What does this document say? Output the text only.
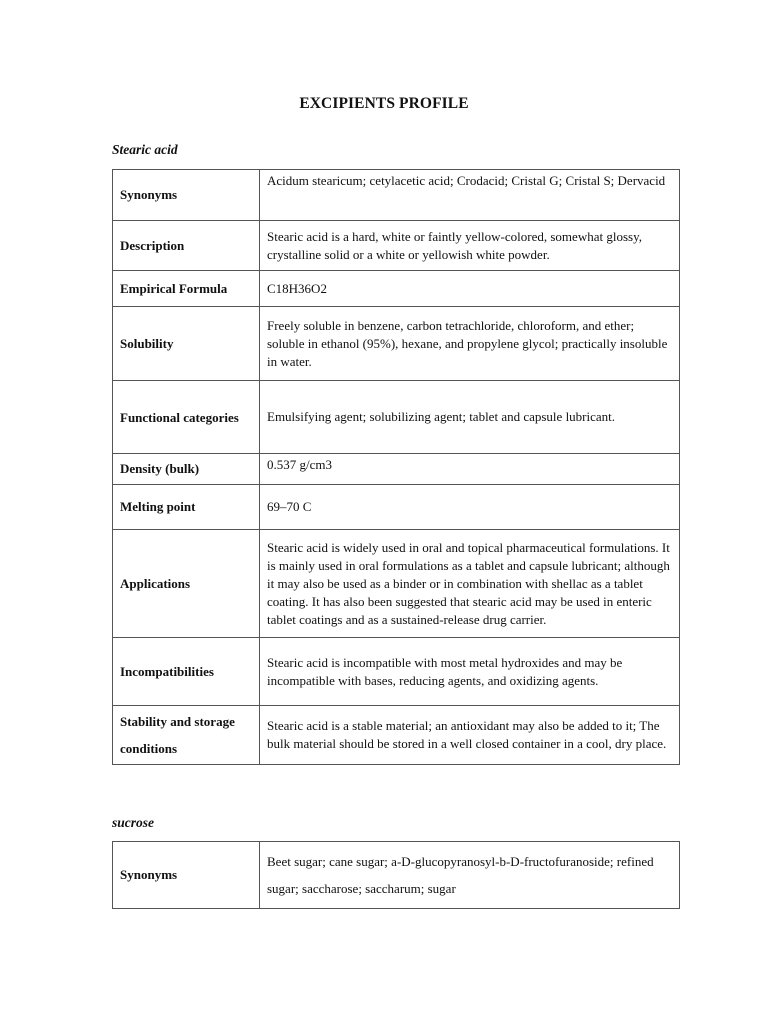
EXCIPIENTS PROFILE
Stearic acid
Synonyms	Acidum stearicum; cetylacetic acid; Crodacid; Cristal G; Cristal S; Dervacid
Description	Stearic acid is a hard, white or faintly yellow-colored, somewhat glossy, crystalline solid or a white or yellowish white powder.
Empirical Formula	C18H36O2
Solubility	Freely soluble in benzene, carbon tetrachloride, chloroform, and ether; soluble in ethanol (95%), hexane, and propylene glycol; practically insoluble in water.
Functional categories	Emulsifying agent; solubilizing agent; tablet and capsule lubricant.
Density (bulk)	0.537 g/cm3
Melting point	69–70 C
Applications	Stearic acid is widely used in oral and topical pharmaceutical formulations. It is mainly used in oral formulations as a tablet and capsule lubricant; although it may also be used as a binder or in combination with shellac as a tablet coating. It has also been suggested that stearic acid may be used in enteric tablet coatings and as a sustained-release drug carrier.
Incompatibilities	Stearic acid is incompatible with most metal hydroxides and may be incompatible with bases, reducing agents, and oxidizing agents.
Stability and storage conditions	Stearic acid is a stable material; an antioxidant may also be added to it; The bulk material should be stored in a well closed container in a cool, dry place.
sucrose
Synonyms	Beet sugar; cane sugar; a-D-glucopyranosyl-b-D-fructofuranoside; refined sugar; saccharose; saccharum; sugar
